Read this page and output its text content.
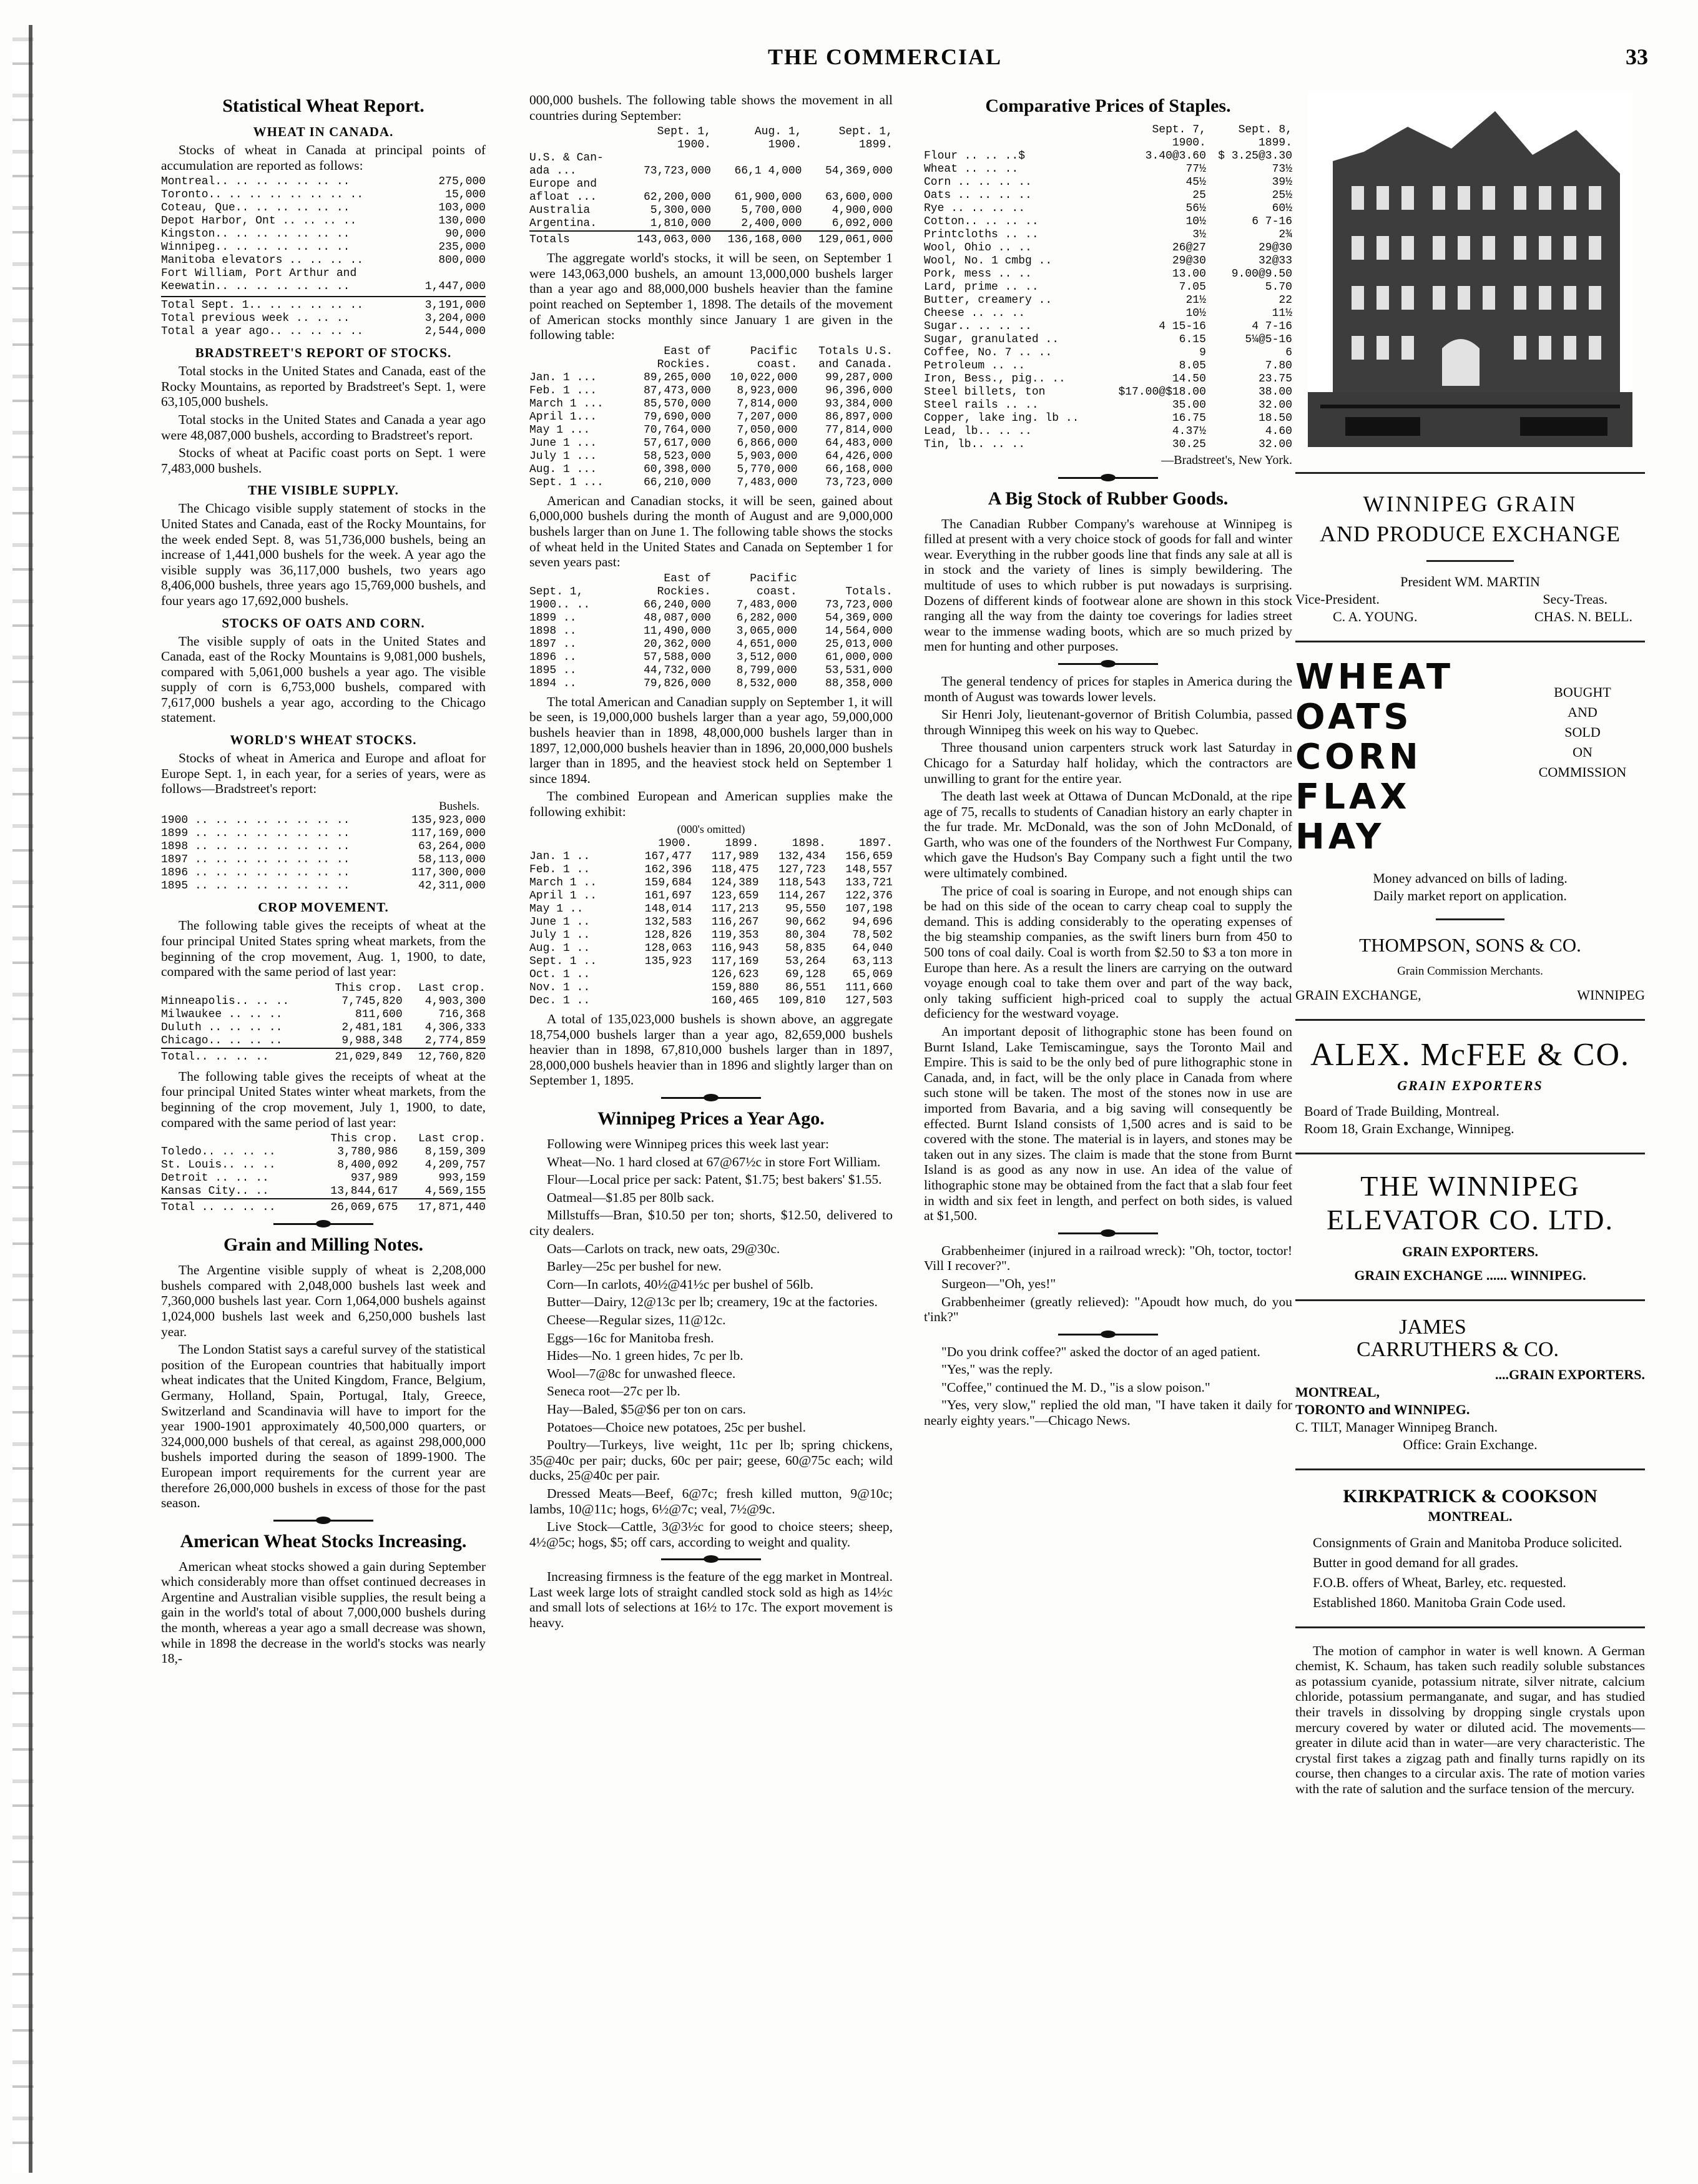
THE COMMERCIAL	33
Statistical Wheat Report.
WHEAT IN CANADA.

Stocks of wheat in Canada at principal points of accumulation are reported as follows:

Montreal.. .. .. .. .. .. ..	275,000
Toronto.. .. .. .. .. .. .. ..	15,000
Coteau, Que.. .. .. .. .. ..	103,000
Depot Harbor, Ont .. .. .. ..	130,000
Kingston.. .. .. .. .. .. ..	90,000
Winnipeg.. .. .. .. .. .. ..	235,000
Manitoba elevators .. .. .. ..	800,000
Fort William, Port Arthur and	
Keewatin.. .. .. .. .. .. ..	1,447,000
Total Sept. 1.. .. .. .. .. ..	3,191,000
Total previous week .. .. ..	3,204,000
Total a year ago.. .. .. .. ..	2,544,000
BRADSTREET'S REPORT OF STOCKS.

Total stocks in the United States and Canada, east of the Rocky Mountains, as reported by Bradstreet's Sept. 1, were 63,105,000 bushels.

Total stocks in the United States and Canada a year ago were 48,087,000 bushels, according to Bradstreet's report.

Stocks of wheat at Pacific coast ports on Sept. 1 were 7,483,000 bushels.

THE VISIBLE SUPPLY.

The Chicago visible supply statement of stocks in the United States and Canada, east of the Rocky Mountains, for the week ended Sept. 8, was 51,736,000 bushels, being an increase of 1,441,000 bushels for the week. A year ago the visible supply was 36,117,000 bushels, two years ago 8,406,000 bushels, three years ago 15,769,000 bushels, and four years ago 17,692,000 bushels.

STOCKS OF OATS AND CORN.

The visible supply of oats in the United States and Canada, east of the Rocky Mountains is 9,081,000 bushels, compared with 5,061,000 bushels a year ago. The visible supply of corn is 6,753,000 bushels, compared with 7,617,000 bushels a year ago, according to the Chicago statement.

WORLD'S WHEAT STOCKS.

Stocks of wheat in America and Europe and afloat for Europe Sept. 1, in each year, for a series of years, were as follows—Bradstreet's report:

Bushels.
1900 .. .. .. .. .. .. .. ..	135,923,000
1899 .. .. .. .. .. .. .. ..	117,169,000
1898 .. .. .. .. .. .. .. ..	63,264,000
1897 .. .. .. .. .. .. .. ..	58,113,000
1896 .. .. .. .. .. .. .. ..	117,300,000
1895 .. .. .. .. .. .. .. ..	42,311,000
CROP MOVEMENT.

The following table gives the receipts of wheat at the four principal United States spring wheat markets, from the beginning of the crop movement, Aug. 1, 1900, to date, compared with the same period of last year:

	This crop.	Last crop.
Minneapolis.. .. ..	7,745,820	4,903,300
Milwaukee .. .. ..	811,600	716,368
Duluth .. .. .. ..	2,481,181	4,306,333
Chicago.. .. .. ..	9,988,348	2,774,859
Total.. .. .. ..	21,029,849	12,760,820

The following table gives the receipts of wheat at the four principal United States winter wheat markets, from the beginning of the crop movement, July 1, 1900, to date, compared with the same period of last year:

	This crop.	Last crop.
Toledo.. .. .. ..	3,780,986	8,159,309
St. Louis.. .. ..	8,400,092	4,209,757
Detroit .. .. ..	937,989	993,159
Kansas City.. ..	13,844,617	4,569,155
Total .. .. .. ..	26,069,675	17,871,440
Grain and Milling Notes.

The Argentine visible supply of wheat is 2,208,000 bushels compared with 2,048,000 bushels last week and 7,360,000 bushels last year. Corn 1,064,000 bushels against 1,024,000 bushels last week and 6,250,000 bushels last year.

The London Statist says a careful survey of the statistical position of the European countries that habitually import wheat indicates that the United Kingdom, France, Belgium, Germany, Holland, Spain, Portugal, Italy, Greece, Switzerland and Scandinavia will have to import for the year 1900-1901 approximately 40,500,000 quarters, or 324,000,000 bushels of that cereal, as against 298,000,000 bushels imported during the season of 1899-1900. The European import requirements for the current year are therefore 26,000,000 bushels in excess of those for the past season.

American Wheat Stocks Increasing.

American wheat stocks showed a gain during September which considerably more than offset continued decreases in Argentine and Australian visible supplies, the result being a gain in the world's total of about 7,000,000 bushels during the month, whereas a year ago a small decrease was shown, while in 1898 the decrease in the world's stocks was nearly 18,-

000,000 bushels. The following table shows the movement in all countries during September:

	Sept. 1,	Aug. 1,	Sept. 1,
	1900.	1900.	1899.
U.S. & Can-			
ada ...	73,723,000	66,1 4,000	54,369,000
Europe and			
afloat ...	62,200,000	61,900,000	63,600,000
Australia	5,300,000	5,700,000	4,900,000
Argentina.	1,810,000	2,400,000	6,092,000
Totals	143,063,000	136,168,000	129,061,000

The aggregate world's stocks, it will be seen, on September 1 were 143,063,000 bushels, an amount 13,000,000 bushels larger than a year ago and 88,000,000 bushels heavier than the famine point reached on September 1, 1898. The details of the movement of American stocks monthly since January 1 are given in the following table:

	East of	Pacific	Totals U.S.
	Rockies.	coast.	and Canada.
Jan. 1 ...	89,265,000	10,022,000	99,287,000
Feb. 1 ...	87,473,000	8,923,000	96,396,000
March 1 ...	85,570,000	7,814,000	93,384,000
April 1...	79,690,000	7,207,000	86,897,000
May 1 ...	70,764,000	7,050,000	77,814,000
June 1 ...	57,617,000	6,866,000	64,483,000
July 1 ...	58,523,000	5,903,000	64,426,000
Aug. 1 ...	60,398,000	5,770,000	66,168,000
Sept. 1 ...	66,210,000	7,483,000	73,723,000

American and Canadian stocks, it will be seen, gained about 6,000,000 bushels during the month of August and are 9,000,000 bushels larger than on June 1. The following table shows the stocks of wheat held in the United States and Canada on September 1 for seven years past:

	East of	Pacific	
Sept. 1,	Rockies.	coast.	Totals.
1900.. ..	66,240,000	7,483,000	73,723,000
1899 ..	48,087,000	6,282,000	54,369,000
1898 ..	11,490,000	3,065,000	14,564,000
1897 ..	20,362,000	4,651,000	25,013,000
1896 ..	57,588,000	3,512,000	61,000,000
1895 ..	44,732,000	8,799,000	53,531,000
1894 ..	79,826,000	8,532,000	88,358,000

The total American and Canadian supply on September 1, it will be seen, is 19,000,000 bushels larger than a year ago, 59,000,000 bushels heavier than in 1898, 48,000,000 bushels larger than in 1897, 12,000,000 bushels heavier than in 1896, 20,000,000 bushels larger than in 1895, and the heaviest stock held on September 1 since 1894.

The combined European and American supplies make the following exhibit:

(000's omitted)
	1900.	1899.	1898.	1897.
Jan. 1 ..	167,477	117,989	132,434	156,659
Feb. 1 ..	162,396	118,475	127,723	148,557
March 1 ..	159,684	124,389	118,543	133,721
April 1 ..	161,697	123,659	114,267	122,376
May 1 ..	148,014	117,213	95,550	107,198
June 1 ..	132,583	116,267	90,662	94,696
July 1 ..	128,826	119,353	80,304	78,502
Aug. 1 ..	128,063	116,943	58,835	64,040
Sept. 1 ..	135,923	117,169	53,264	63,113
Oct. 1 ..		126,623	69,128	65,069
Nov. 1 ..		159,880	86,551	111,660
Dec. 1 ..		160,465	109,810	127,503

A total of 135,023,000 bushels is shown above, an aggregate 18,754,000 bushels larger than a year ago, 82,659,000 bushels heavier than in 1898, 67,810,000 bushels larger than in 1897, 28,000,000 bushels heavier than in 1896 and slightly larger than on September 1, 1895.

Winnipeg Prices a Year Ago.

Following were Winnipeg prices this week last year:

Wheat—No. 1 hard closed at 67@67½c in store Fort William.

Flour—Local price per sack: Patent, $1.75; best bakers' $1.55.

Oatmeal—$1.85 per 80lb sack.

Millstuffs—Bran, $10.50 per ton; shorts, $12.50, delivered to city dealers.

Oats—Carlots on track, new oats, 29@30c.

Barley—25c per bushel for new.

Corn—In carlots, 40½@41½c per bushel of 56lb.

Butter—Dairy, 12@13c per lb; creamery, 19c at the factories.

Cheese—Regular sizes, 11@12c.

Eggs—16c for Manitoba fresh.

Hides—No. 1 green hides, 7c per lb.

Wool—7@8c for unwashed fleece.

Seneca root—27c per lb.

Hay—Baled, $5@$6 per ton on cars.

Potatoes—Choice new potatoes, 25c per bushel.

Poultry—Turkeys, live weight, 11c per lb; spring chickens, 35@40c per pair; ducks, 60c per pair; geese, 60@75c each; wild ducks, 25@40c per pair.

Dressed Meats—Beef, 6@7c; fresh killed mutton, 9@10c; lambs, 10@11c; hogs, 6½@7c; veal, 7½@9c.

Live Stock—Cattle, 3@3½c for good to choice steers; sheep, 4½@5c; hogs, $5; off cars, according to weight and quality.

Increasing firmness is the feature of the egg market in Montreal. Last week large lots of straight candled stock sold as high as 14½c and small lots of selections at 16½ to 17c. The export movement is heavy.

Comparative Prices of Staples.
	Sept. 7,	Sept. 8,
	1900.	1899.
Flour .. .. ..$	3.40@3.60	$ 3.25@3.30
Wheat .. .. ..	77½	73½
Corn .. .. .. ..	45½	39½
Oats .. .. .. ..	25	25½
Rye .. .. .. ..	56½	60½
Cotton.. .. .. ..	10½	6 7-16
Printcloths .. ..	3½	2¾
Wool, Ohio .. ..	26@27	29@30
Wool, No. 1 cmbg ..	29@30	32@33
Pork, mess .. ..	13.00	9.00@9.50
Lard, prime .. ..	7.05	5.70
Butter, creamery ..	21½	22
Cheese .. .. ..	10½	11½
Sugar.. .. .. ..	4 15-16	4 7-16
Sugar, granulated ..	6.15	5¼@5-16
Coffee, No. 7 .. ..	9	6
Petroleum .. ..	8.05	7.80
Iron, Bess., pig.. ..	14.50	23.75
Steel billets, ton	$17.00@$18.00	38.00
Steel rails .. ..	35.00	32.00
Copper, lake ing. lb ..	16.75	18.50
Lead, lb.. .. ..	4.37½	4.60
Tin, lb.. .. ..	30.25	32.00
—Bradstreet's, New York.
A Big Stock of Rubber Goods.

The Canadian Rubber Company's warehouse at Winnipeg is filled at present with a very choice stock of goods for fall and winter wear. Everything in the rubber goods line that finds any sale at all is in stock and the variety of lines is simply bewildering. The multitude of uses to which rubber is put nowadays is surprising. Dozens of different kinds of footwear alone are shown in this stock ranging all the way from the dainty toe coverings for ladies street wear to the immense wading boots, which are so much prized by men for hunting and other purposes.

The general tendency of prices for staples in America during the month of August was towards lower levels.

Sir Henri Joly, lieutenant-governor of British Columbia, passed through Winnipeg this week on his way to Quebec.

Three thousand union carpenters struck work last Saturday in Chicago for a Saturday half holiday, which the contractors are unwilling to grant for the entire year.

The death last week at Ottawa of Duncan McDonald, at the ripe age of 75, recalls to students of Canadian history an early chapter in the fur trade. Mr. McDonald, was the son of John McDonald, of Garth, who was one of the founders of the Northwest Fur Company, which gave the Hudson's Bay Company such a fight until the two were ultimately combined.

The price of coal is soaring in Europe, and not enough ships can be had on this side of the ocean to carry cheap coal to supply the demand. This is adding considerably to the operating expenses of the big steamship companies, as the swift liners burn from 450 to 500 tons of coal daily. Coal is worth from $2.50 to $3 a ton more in Europe than here. As a result the liners are carrying on the outward voyage enough coal to take them over and part of the way back, only taking sufficient high-priced coal to supply the actual deficiency for the westward voyage.

An important deposit of lithographic stone has been found on Burnt Island, Lake Temiscamingue, says the Toronto Mail and Empire. This is said to be the only bed of pure lithographic stone in Canada, and, in fact, will be the only place in Canada from where such stone will be taken. The most of the stones now in use are imported from Bavaria, and a big saving will consequently be effected. Burnt Island consists of 1,500 acres and is said to be covered with the stone. The material is in layers, and stones may be taken out in any sizes. The claim is made that the stone from Burnt Island is as good as any now in use. An idea of the value of lithographic stone may be obtained from the fact that a slab four feet in width and six feet in length, and perfect on both sides, is valued at $1,500.

Grabbenheimer (injured in a railroad wreck): "Oh, toctor, toctor! Vill I recover?".

Surgeon—"Oh, yes!"

Grabbenheimer (greatly relieved): "Apoudt how much, do you t'ink?"

"Do you drink coffee?" asked the doctor of an aged patient.

"Yes," was the reply.

"Coffee," continued the M. D., "is a slow poison."

"Yes, very slow," replied the old man, "I have taken it daily for nearly eighty years."—Chicago News.

WINNIPEG GRAIN
AND PRODUCE EXCHANGE
President WM. MARTIN
Vice-President.	Secy-Treas.
C. A. YOUNG.	CHAS. N. BELL.
WHEAT
OATS
CORN
FLAX
HAY
BOUGHT
AND
SOLD
ON
COMMISSION
Money advanced on bills of lading.
Daily market report on application.
THOMPSON, SONS & CO.
Grain Commission Merchants.
GRAIN EXCHANGE,	WINNIPEG
ALEX. McFEE & CO.
GRAIN EXPORTERS
Board of Trade Building, Montreal.
Room 18, Grain Exchange, Winnipeg.
THE WINNIPEG
ELEVATOR CO. LTD.
GRAIN EXPORTERS.
GRAIN EXCHANGE ...... WINNIPEG.
JAMES
CARRUTHERS & CO.
....GRAIN EXPORTERS.
MONTREAL,
TORONTO and WINNIPEG.
C. TILT, Manager Winnipeg Branch.
Office: Grain Exchange.
KIRKPATRICK & COOKSON
MONTREAL.

Consignments of Grain and Manitoba Produce solicited.

Butter in good demand for all grades.

F.O.B. offers of Wheat, Barley, etc. requested.

Established 1860. Manitoba Grain Code used.

The motion of camphor in water is well known. A German chemist, K. Schaum, has taken such readily soluble substances as potassium cyanide, potassium nitrate, silver nitrate, calcium chloride, potassium permanganate, and sugar, and has studied their travels in dissolving by dropping single crystals upon mercury covered by water or diluted acid. The movements—greater in dilute acid than in water—are very characteristic. The crystal first takes a zigzag path and finally turns rapidly on its course, then changes to a circular axis. The rate of motion varies with the rate of salution and the surface tension of the mercury.
